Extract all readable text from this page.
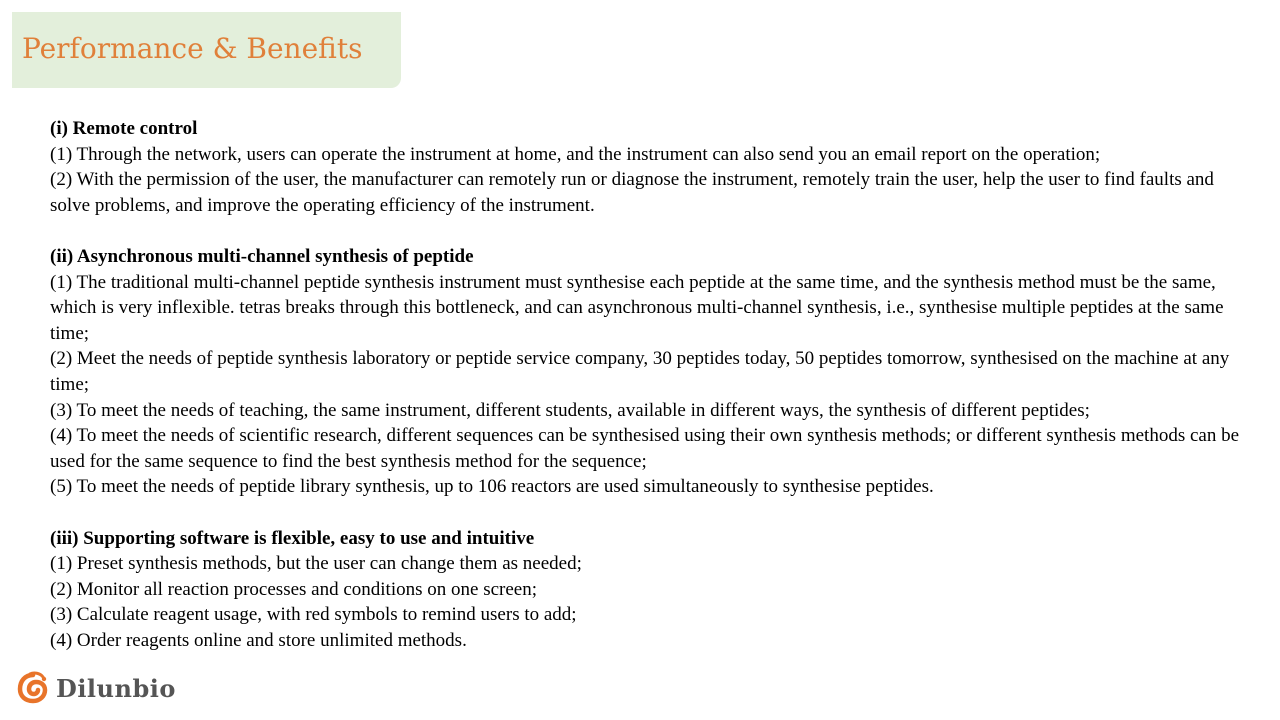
Performance & Benefits
(i) Remote control
(1) Through the network, users can operate the instrument at home, and the instrument can also send you an email report on the operation;
(2) With the permission of the user, the manufacturer can remotely run or diagnose the instrument, remotely train the user, help the user to find faults and solve problems, and improve the operating efficiency of the instrument.
(ii) Asynchronous multi-channel synthesis of peptide
(1) The traditional multi-channel peptide synthesis instrument must synthesise each peptide at the same time, and the synthesis method must be the same, which is very inflexible. tetras breaks through this bottleneck, and can asynchronous multi-channel synthesis, i.e., synthesise multiple peptides at the same time;
(2) Meet the needs of peptide synthesis laboratory or peptide service company, 30 peptides today, 50 peptides tomorrow, synthesised on the machine at any time;
(3) To meet the needs of teaching, the same instrument, different students, available in different ways, the synthesis of different peptides;
(4) To meet the needs of scientific research, different sequences can be synthesised using their own synthesis methods; or different synthesis methods can be used for the same sequence to find the best synthesis method for the sequence;
(5) To meet the needs of peptide library synthesis, up to 106 reactors are used simultaneously to synthesise peptides.
(iii) Supporting software is flexible, easy to use and intuitive
(1) Preset synthesis methods, but the user can change them as needed;
(2) Monitor all reaction processes and conditions on one screen;
(3) Calculate reagent usage, with red symbols to remind users to add;
(4) Order reagents online and store unlimited methods.
Dilunbio
